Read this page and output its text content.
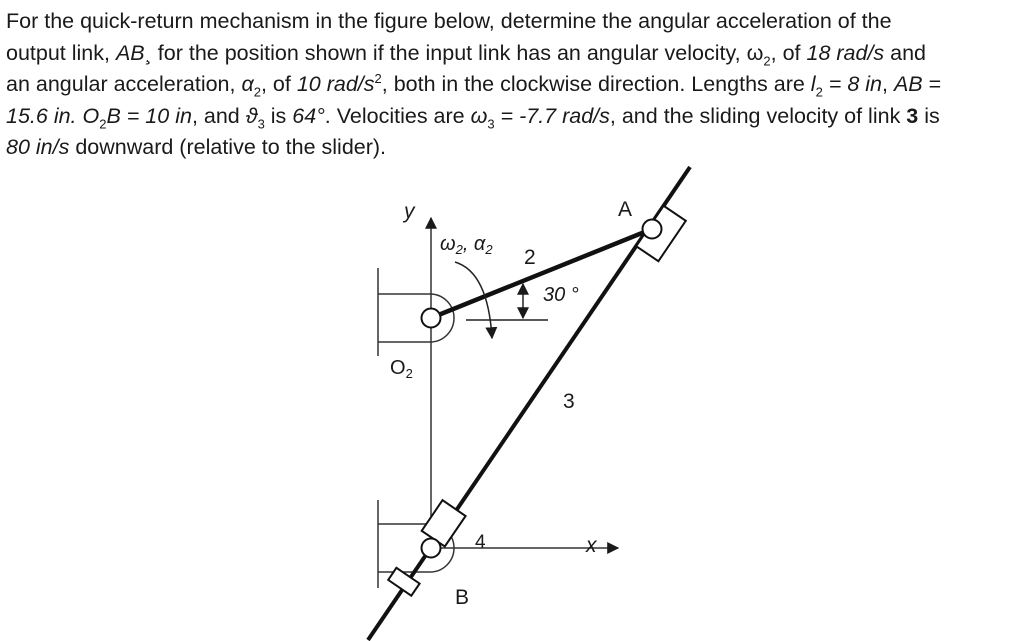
For the quick-return mechanism in the figure below, determine the angular acceleration of the
output link, AB¸ for the position shown if the input link has an angular velocity, $\omega_2$, of 18 rad/s and
an angular acceleration, $\alpha_2$, of 10 rad/$s^2$, both in the clockwise direction. Lengths are $l_2 = 8$ in, AB =
15.6 in. $O_2B = 10$ in, and $ϑ_3$ is 64°. Velocities are $\omega_3 = -7.7$ rad/s, and the sliding velocity of link 3 is
80 in/s downward (relative to the slider).

y
x
A
B
$O_2$
$\omega_2$, $\alpha_2$ 2
3
4
30 °
